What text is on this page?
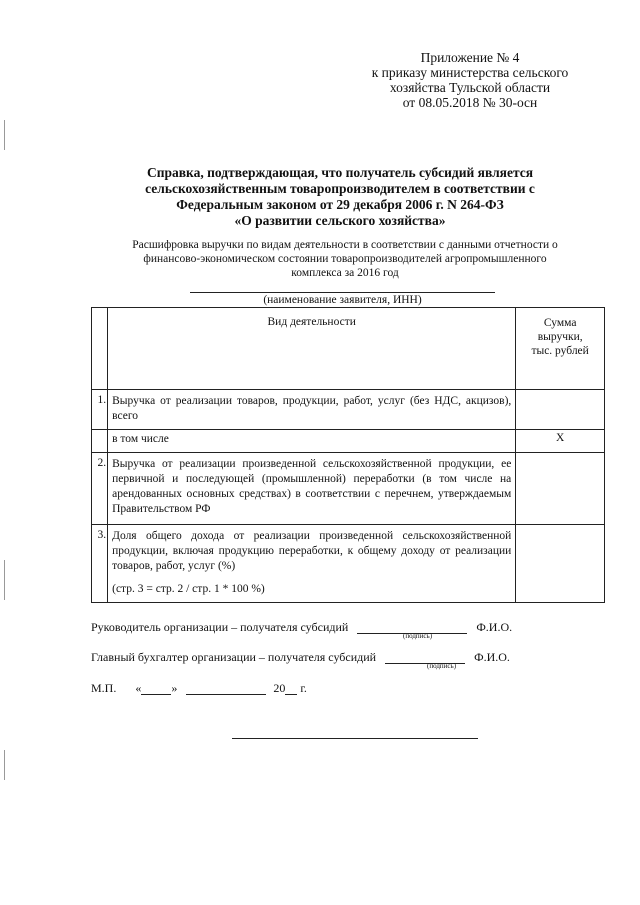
Приложение № 4
к приказу министерства сельского
хозяйства Тульской области
от 08.05.2018 № 30-осн
Справка, подтверждающая, что получатель субсидий является
сельскохозяйственным товаропроизводителем в соответствии с
Федеральным законом от 29 декабря 2006 г. N 264-ФЗ
«О развитии сельского хозяйства»
Расшифровка выручки по видам деятельности в соответствии с данными отчетности о
финансово-экономическом состоянии товаропроизводителей агропромышленного
комплекса за 2016 год
(наименование заявителя, ИНН)
	Вид деятельности	Сумма
выручки,
тыс. рублей

1.	Выручка от реализации товаров, продукции, работ, услуг (без НДС, акцизов), всего	
	в том числе	Х
2.	Выручка от реализации произведенной сельскохозяйственной продукции, ее первичной и последующей (промышленной) переработки (в том числе на арендованных основных средствах) в соответствии с перечнем, утверждаемым Правительством РФ	
3.	Доля общего дохода от реализации произведенной сельскохозяйственной продукции, включая продукцию переработки, к общему доходу от реализации товаров, работ, услуг (%)
(стр. 3 = стр. 2 / стр. 1 * 100 %)	

Руководитель организации – получателя субсидий	Ф.И.О.
(подпись)
Главный бухгалтер организации – получателя субсидий	Ф.И.О.
(подпись)
М.П. «	»	20 г.
